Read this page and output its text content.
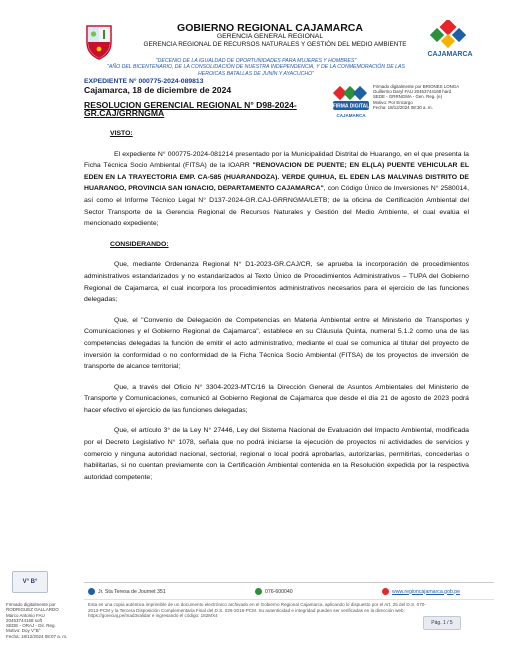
GOBIERNO REGIONAL CAJAMARCA
GERENCIA GENERAL REGIONAL
GERENCIA REGIONAL DE RECURSOS NATURALES Y GESTIÓN DEL MEDIO AMBIENTE
CAJAMARCA
"DECENIO DE LA IGUALDAD DE OPORTUNIDADES PARA MUJERES Y HOMBRES"
"AÑO DEL BICENTENARIO, DE LA CONSOLIDACIÓN DE NUESTRA INDEPENDENCIA, Y DE LA CONMEMORACIÓN DE LAS HEROICAS BATALLAS DE JUNÍN Y AYACUCHO"
EXPEDIENTE N° 000775-2024-089813
Cajamarca, 18 de diciembre de 2024
RESOLUCION GERENCIAL REGIONAL N° D98-2024-GR.CAJ/GRRNGMA
FIRMA DIGITAL
CAJAMARCA
Firmado digitalmente por BRIONES LONGA
Guillermo Daryl FAU 20453744168 hard
SEDE - GRRNGMA - Gen. Reg. (e)
Motivo: Por Encargo
Fecha: 18/12/2024 08:30 a. m.

VISTO:

El expediente N° 000775-2024-081214 presentado por la Municipalidad Distrital de Huarango, en el que presenta la Ficha Técnica Socio Ambiental (FITSA) de la IOARR "RENOVACION DE PUENTE; EN EL(LA) PUENTE VEHICULAR EL EDEN EN LA TRAYECTORIA EMP. CA-585 (HUARANDOZA). VERDE QUIHUA, EL EDEN LAS MALVINAS DISTRITO DE HUARANGO, PROVINCIA SAN IGNACIO, DEPARTAMENTO CAJAMARCA", con Código Único de Inversiones N° 2580014, así como el Informe Técnico Legal N° D137-2024-GR.CAJ-GRRNGMA/LETB; de la oficina de Certificación Ambiental del Sector Transporte de la Gerencia Regional de Recursos Naturales y Gestión del Medio Ambiente, el cual evalúa el mencionado expediente;

CONSIDERANDO:

Que, mediante Ordenanza Regional N° D1-2023-GR.CAJ/CR, se aprueba la incorporación de procedimientos administrativos estandarizados y no estandarizados al Texto Único de Procedimientos Administrativos – TUPA del Gobierno Regional de Cajamarca, el cual incorpora los procedimientos administrativos necesarios para el ejercicio de las funciones delegadas;

Que, el "Convenio de Delegación de Competencias en Materia Ambiental entre el Ministerio de Transportes y Comunicaciones y el Gobierno Regional de Cajamarca", establece en su Cláusula Quinta, numeral 5.1.2 como una de las competencias delegadas la función de emitir el acto administrativo, mediante el cual se comunica al titular del proyecto de inversión la conformidad o no conformidad de la Ficha Técnica Socio Ambiental (FITSA) de los proyectos de inversión de transporte de alcance territorial;

Que, a través del Oficio N° 3304-2023-MTC/16 la Dirección General de Asuntos Ambientales del Ministerio de Transporte y Comunicaciones, comunicó al Gobierno Regional de Cajamarca que desde el día 21 de agosto de 2023 podrá hacer efectivo el ejercicio de las funciones delegadas;

Que, el artículo 3° de la Ley N° 27446, Ley del Sistema Nacional de Evaluación del Impacto Ambiental, modificada por el Decreto Legislativo N° 1078, señala que no podrá iniciarse la ejecución de proyectos ni actividades de servicios y comercio y ninguna autoridad nacional, sectorial, regional o local podrá aprobarlas, autorizarlas, permitirlas, concederlas o habilitarlas, si no cuentan previamente con la Certificación Ambiental contenida en la Resolución expedida por la respectiva autoridad competente;

V° B°
Firmado digitalmente por
RODRIGUEZ GALLARDO
Marco Antonio FAU
20453744168 soft
SEDE - ORAJ - Dir. Reg.
Motivo: Doy V°B°
Fecha: 18/12/2024 08:07 a. m.
Jr. Sta Teresa de Journet 351	076-600040	www.regioncajamarca.gob.pe
Esta es una copia auténtica imprimible de un documento electrónico archivado en el Gobierno Regional Cajamarca, aplicando lo dispuesto por el Art. 25 del D.S. 070-2013-PCM y la Tercera Disposición Complementaria Final del D.S. 026-2016-PCM. Su autenticidad e integridad pueden ser verificadas en la dirección web: https://goreciaj.pe/mad3validar e ingresando el código: 182MX4
Pág. 1 / 5
